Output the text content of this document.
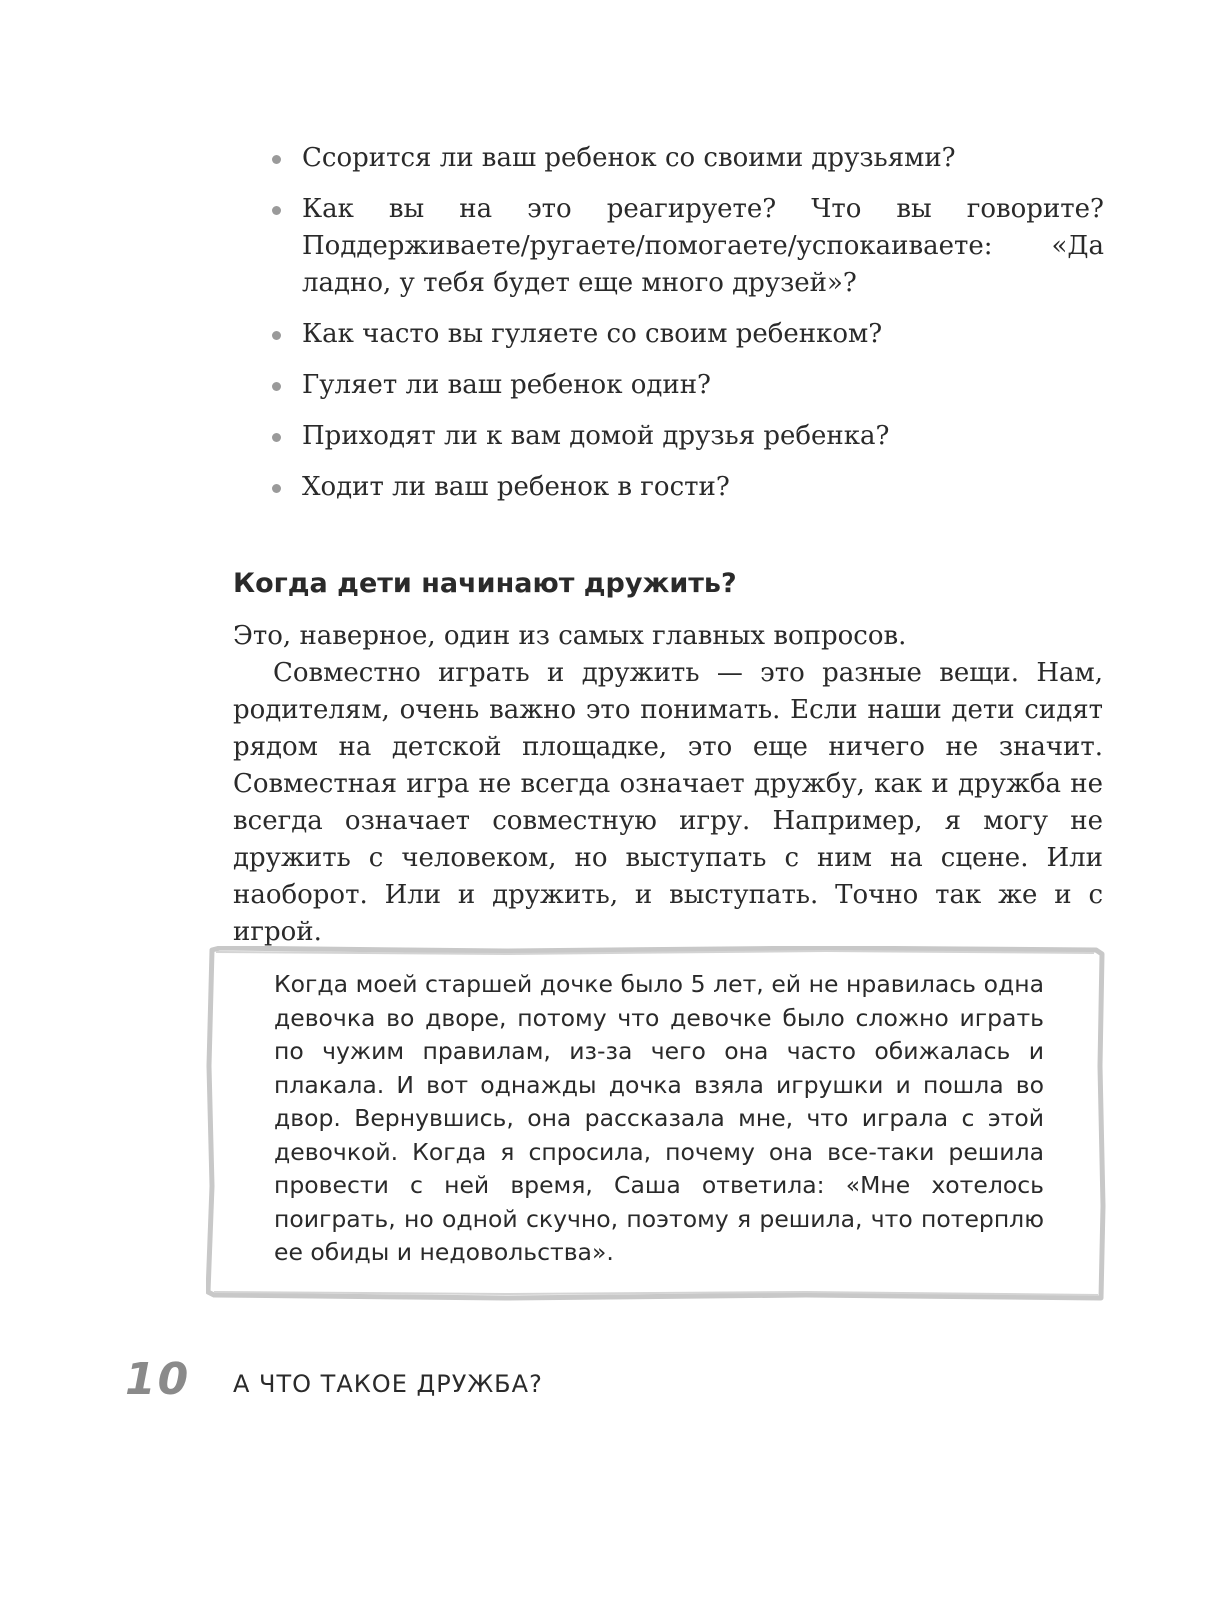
Ссорится ли ваш ребенок со своими друзьями?
Как вы на это реагируете? Что вы говорите? Поддерживаете/ругаете/помогаете/успокаиваете: «Да ладно, у тебя будет еще много друзей»?
Как часто вы гуляете со своим ребенком?
Гуляет ли ваш ребенок один?
Приходят ли к вам домой друзья ребенка?
Ходит ли ваш ребенок в гости?
Когда дети начинают дружить?

Это, наверное, один из самых главных вопросов.

Совместно играть и дружить — это разные вещи. Нам, родителям, очень важно это понимать. Если наши дети сидят рядом на детской площадке, это еще ничего не значит. Совместная игра не всегда означает дружбу, как и дружба не всегда означает совместную игру. Например, я могу не дружить с человеком, но выступать с ним на сцене. Или наоборот. Или и дружить, и выступать. Точно так же и с игрой.

Когда моей старшей дочке было 5 лет, ей не нравилась одна девочка во дворе, потому что девочке было сложно играть по чужим правилам, из-за чего она часто обижалась и плакала. И вот однажды дочка взяла игрушки и пошла во двор. Вернувшись, она рассказала мне, что играла с этой девочкой. Когда я спросила, почему она все-таки решила провести с ней время, Саша ответила: «Мне хотелось поиграть, но одной скучно, поэтому я решила, что потерплю ее обиды и недовольства».

10 А ЧТО ТАКОЕ ДРУЖБА?
